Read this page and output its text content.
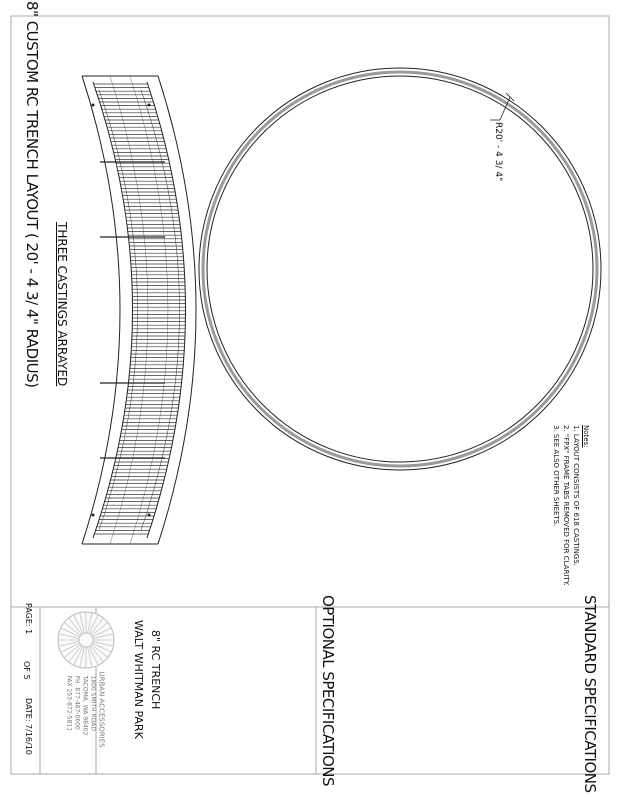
8" CUSTOM RC TRENCH LAYOUT ( 20' - 4 3/ 4" RADIUS) THREE CASTINGS ARRAYED
R20' - 4 3/ 4"
Notes:
1. LAYOUT CONSISTS OF 618 CASTINGS.
2. "FPX" FRAME TABS REMOVED FOR CLARITY.
3. SEE ALSO OTHER SHEETS.
STANDARD SPECIFICATIONS
OPTIONAL SPECIFICATIONS
8" RC TRENCH
WALT WHITMAN PARK
URBAN ACCESSORIES
1800 SMITH ROAD
TACOMA, WA 98402
PH. 877-487-0600
FAX 253-872-5811
PAGE: 1
OF 5
DATE: 7/16/10
